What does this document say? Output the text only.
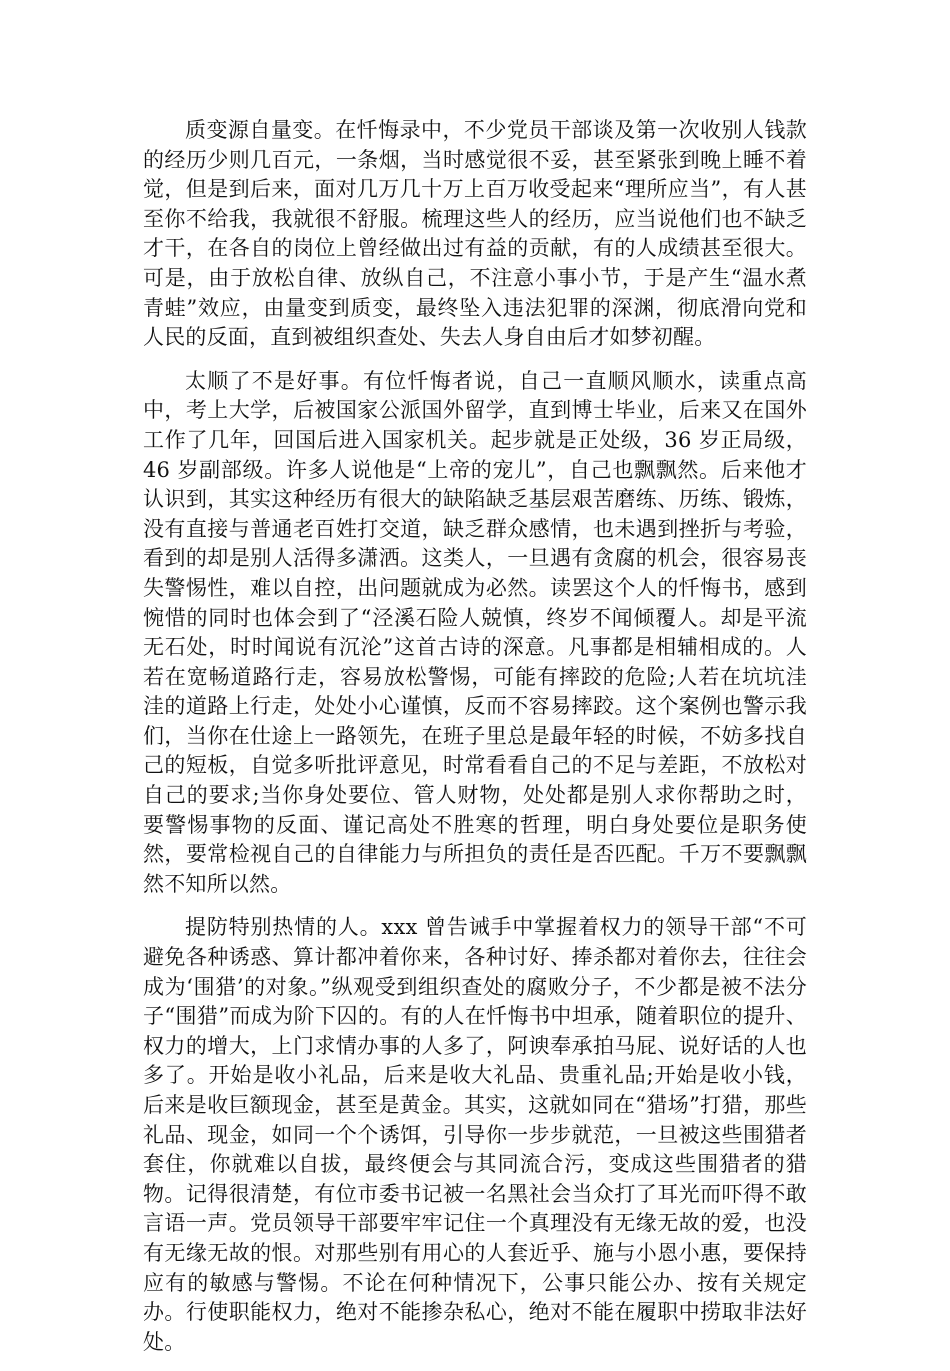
质变源自量变。在忏悔录中，不少党员干部谈及第一次收别人钱款的经历少则几百元，一条烟，当时感觉很不妥，甚至紧张到晚上睡不着觉，但是到后来，面对几万几十万上百万收受起来“理所应当”，有人甚至你不给我，我就很不舒服。梳理这些人的经历，应当说他们也不缺乏才干，在各自的岗位上曾经做出过有益的贡献，有的人成绩甚至很大。可是，由于放松自律、放纵自己，不注意小事小节，于是产生“温水煮青蛙”效应，由量变到质变，最终坠入违法犯罪的深渊，彻底滑向党和人民的反面，直到被组织查处、失去人身自由后才如梦初醒。

太顺了不是好事。有位忏悔者说，自己一直顺风顺水，读重点高中，考上大学，后被国家公派国外留学，直到博士毕业，后来又在国外工作了几年，回国后进入国家机关。起步就是正处级，36 岁正局级，46 岁副部级。许多人说他是“上帝的宠儿”，自己也飘飘然。后来他才认识到，其实这种经历有很大的缺陷缺乏基层艰苦磨练、历练、锻炼，没有直接与普通老百姓打交道，缺乏群众感情，也未遇到挫折与考验，看到的却是别人活得多潇洒。这类人，一旦遇有贪腐的机会，很容易丧失警惕性，难以自控，出问题就成为必然。读罢这个人的忏悔书，感到惋惜的同时也体会到了“泾溪石险人兢慎，终岁不闻倾覆人。却是平流无石处，时时闻说有沉沦”这首古诗的深意。凡事都是相辅相成的。人若在宽畅道路行走，容易放松警惕，可能有摔跤的危险;人若在坑坑洼洼的道路上行走，处处小心谨慎，反而不容易摔跤。这个案例也警示我们，当你在仕途上一路领先，在班子里总是最年轻的时候，不妨多找自己的短板，自觉多听批评意见，时常看看自己的不足与差距，不放松对自己的要求;当你身处要位、管人财物，处处都是别人求你帮助之时，要警惕事物的反面、谨记高处不胜寒的哲理，明白身处要位是职务使然，要常检视自己的自律能力与所担负的责任是否匹配。千万不要飘飘然不知所以然。

提防特别热情的人。xxx 曾告诫手中掌握着权力的领导干部“不可避免各种诱惑、算计都冲着你来，各种讨好、捧杀都对着你去，往往会成为‘围猎’的对象。”纵观受到组织查处的腐败分子，不少都是被不法分子“围猎”而成为阶下囚的。有的人在忏悔书中坦承，随着职位的提升、权力的增大，上门求情办事的人多了，阿谀奉承拍马屁、说好话的人也多了。开始是收小礼品，后来是收大礼品、贵重礼品;开始是收小钱，后来是收巨额现金，甚至是黄金。其实，这就如同在“猎场”打猎，那些礼品、现金，如同一个个诱饵，引导你一步步就范，一旦被这些围猎者套住，你就难以自拔，最终便会与其同流合污，变成这些围猎者的猎物。记得很清楚，有位市委书记被一名黑社会当众打了耳光而吓得不敢言语一声。党员领导干部要牢牢记住一个真理没有无缘无故的爱，也没有无缘无故的恨。对那些别有用心的人套近乎、施与小恩小惠，要保持应有的敏感与警惕。不论在何种情况下，公事只能公办、按有关规定办。行使职能权力，绝对不能掺杂私心，绝对不能在履职中捞取非法好处。
